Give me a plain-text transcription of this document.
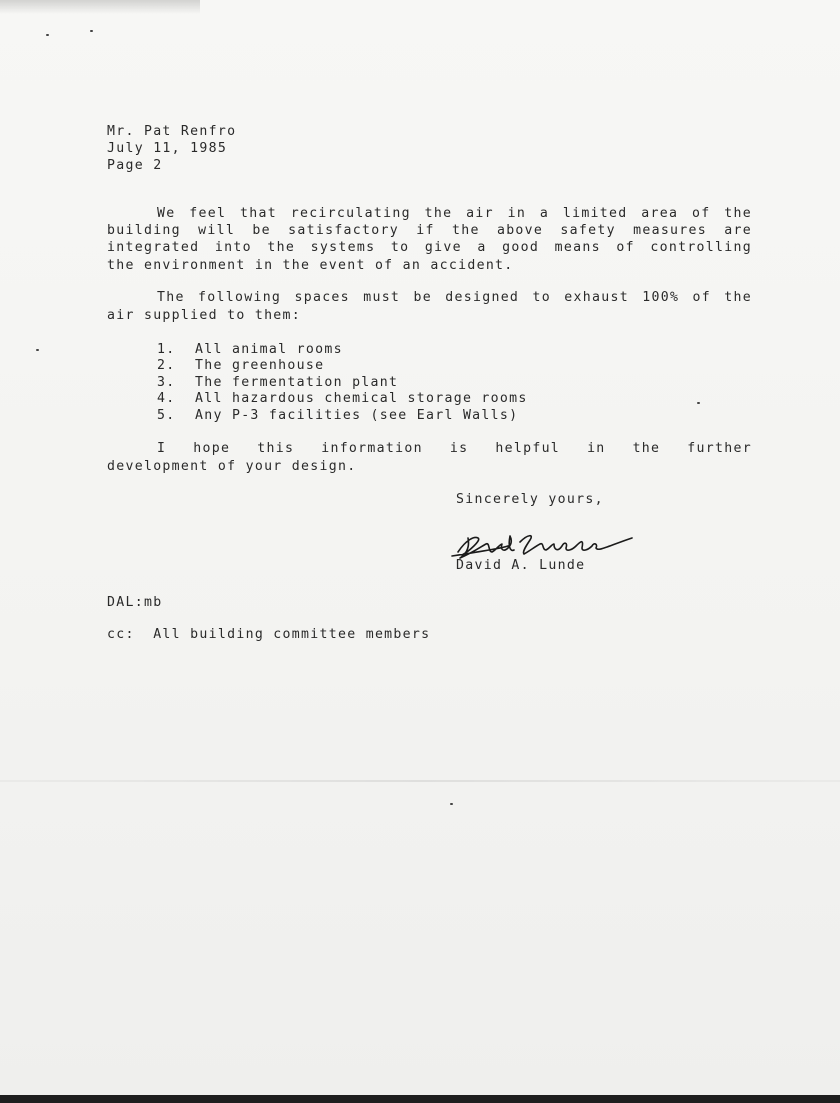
Mr. Pat Renfro
July 11, 1985
Page 2
We feel that recirculating the air in a limited area of the
building will be satisfactory if the above safety measures are
integrated into the systems to give a good means of controlling
the environment in the event of an accident.
The following spaces must be designed to exhaust 100% of the
air supplied to them:
1. All animal rooms
2. The greenhouse
3. The fermentation plant
4. All hazardous chemical storage rooms
5. Any P-3 facilities (see Earl Walls)
I hope this information is helpful in the further
development of your design.
Sincerely yours,
David A. Lunde
DAL:mb
cc:  All building committee members
